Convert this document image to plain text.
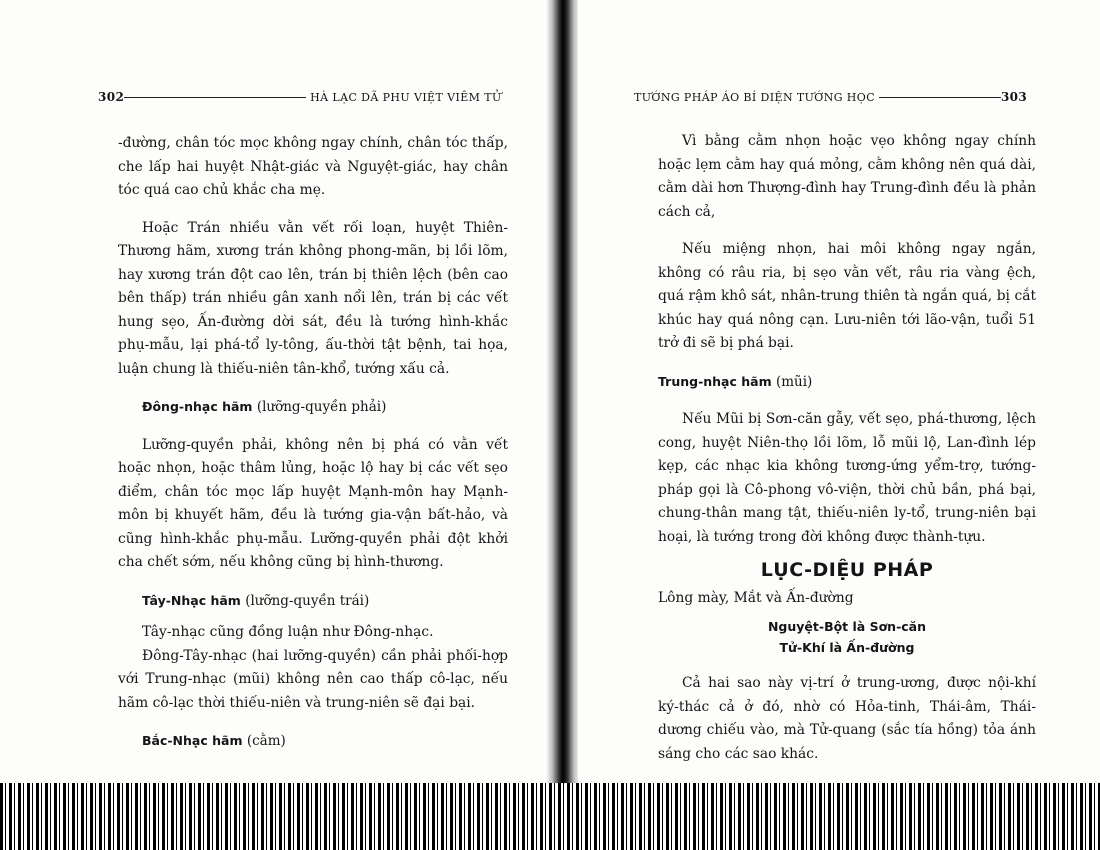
302	HÀ LẠC DÃ PHU VIỆT VIÊM TỬ

-đường, chân tóc mọc không ngay chính, chân tóc thấp, che lấp hai huyệt Nhật-giác và Nguyệt-giác, hay chân tóc quá cao chủ khắc cha mẹ.

Hoặc Trán nhiều vằn vết rối loạn, huyệt Thiên-Thương hãm, xương trán không phong-mãn, bị lồi lõm, hay xương trán đột cao lên, trán bị thiên lệch (bên cao bên thấp) trán nhiều gân xanh nổi lên, trán bị các vết hung sẹo, Ấn-đường dời sát, đều là tướng hình-khắc phụ-mẫu, lại phá-tổ ly-tông, ấu-thời tật bệnh, tai họa, luận chung là thiếu-niên tân-khổ, tướng xấu cả.

Đông-nhạc hãm (lưỡng-quyền phải)

Lưỡng-quyền phải, không nên bị phá có vằn vết hoặc nhọn, hoặc thâm lủng, hoặc lộ hay bị các vết sẹo điểm, chân tóc mọc lấp huyệt Mạnh-môn hay Mạnh-môn bị khuyết hãm, đều là tướng gia-vận bất-hảo, và cũng hình-khắc phụ-mẫu. Lưỡng-quyền phải đột khởi cha chết sớm, nếu không cũng bị hình-thương.

Tây-Nhạc hãm (lưỡng-quyền trái)

Tây-nhạc cũng đồng luận như Đông-nhạc.

Đông-Tây-nhạc (hai lưỡng-quyền) cần phải phối-hợp với Trung-nhạc (mũi) không nên cao thấp cô-lạc, nếu hãm cô-lạc thời thiếu-niên và trung-niên sẽ đại bại.

Bắc-Nhạc hãm (cằm)

TƯỚNG PHÁP ÁO BÍ DIỆN TƯỚNG HỌC	303

Vì bằng cằm nhọn hoặc vẹo không ngay chính hoặc lẹm cằm hay quá mỏng, cằm không nên quá dài, cằm dài hơn Thượng-đình hay Trung-đình đều là phản cách cả,

Nếu miệng nhọn, hai môi không ngay ngắn, không có râu ria, bị sẹo vằn vết, râu ria vàng ệch, quá rậm khô sát, nhân-trung thiên tà ngắn quá, bị cắt khúc hay quá nông cạn. Lưu-niên tới lão-vận, tuổi 51 trở đi sẽ bị phá bại.

Trung-nhạc hãm (mũi)

Nếu Mũi bị Sơn-căn gẫy, vết sẹo, phá-thương, lệch cong, huyệt Niên-thọ lồi lõm, lỗ mũi lộ, Lan-đình lép kẹp, các nhạc kia không tương-ứng yểm-trợ, tướng-pháp gọi là Cô-phong vô-viện, thời chủ bần, phá bại, chung-thân mang tật, thiếu-niên ly-tổ, trung-niên bại hoại, là tướng trong đời không được thành-tựu.

LỤC-DIỆU PHÁP

Lông mày, Mắt và Ấn-đường

Nguyệt-Bột là Sơn-căn

Tử-Khí là Ấn-đường

Cả hai sao này vị-trí ở trung-ương, được nội-khí ký-thác cả ở đó, nhờ có Hỏa-tinh, Thái-âm, Thái-dương chiếu vào, mà Tử-quang (sắc tía hồng) tỏa ánh sáng cho các sao khác.
